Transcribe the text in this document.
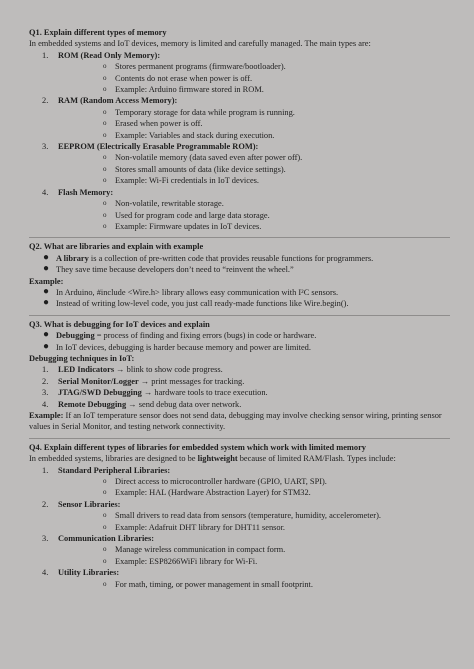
Q1. Explain different types of memory
In embedded systems and IoT devices, memory is limited and carefully managed. The main types are:
1. ROM (Read Only Memory):
o Stores permanent programs (firmware/bootloader).
o Contents do not erase when power is off.
o Example: Arduino firmware stored in ROM.
2. RAM (Random Access Memory):
o Temporary storage for data while program is running.
o Erased when power is off.
o Example: Variables and stack during execution.
3. EEPROM (Electrically Erasable Programmable ROM):
o Non-volatile memory (data saved even after power off).
o Stores small amounts of data (like device settings).
o Example: Wi-Fi credentials in IoT devices.
4. Flash Memory:
o Non-volatile, rewritable storage.
o Used for program code and large data storage.
o Example: Firmware updates in IoT devices.
Q2. What are libraries and explain with example
● A library is a collection of pre-written code that provides reusable functions for programmers.
● They save time because developers don’t need to “reinvent the wheel.”
Example:
● In Arduino, #include <Wire.h> library allows easy communication with I²C sensors.
● Instead of writing low-level code, you just call ready-made functions like Wire.begin().
Q3. What is debugging for IoT devices and explain
● Debugging = process of finding and fixing errors (bugs) in code or hardware.
● In IoT devices, debugging is harder because memory and power are limited.
Debugging techniques in IoT:
1. LED Indicators → blink to show code progress.
2. Serial Monitor/Logger → print messages for tracking.
3. JTAG/SWD Debugging → hardware tools to trace execution.
4. Remote Debugging → send debug data over network.
Example: If an IoT temperature sensor does not send data, debugging may involve checking sensor wiring, printing sensor values in Serial Monitor, and testing network connectivity.
Q4. Explain different types of libraries for embedded system which work with limited memory
In embedded systems, libraries are designed to be lightweight because of limited RAM/Flash. Types include:
1. Standard Peripheral Libraries:
o Direct access to microcontroller hardware (GPIO, UART, SPI).
o Example: HAL (Hardware Abstraction Layer) for STM32.
2. Sensor Libraries:
o Small drivers to read data from sensors (temperature, humidity, accelerometer).
o Example: Adafruit DHT library for DHT11 sensor.
3. Communication Libraries:
o Manage wireless communication in compact form.
o Example: ESP8266WiFi library for Wi-Fi.
4. Utility Libraries:
o For math, timing, or power management in small footprint.
